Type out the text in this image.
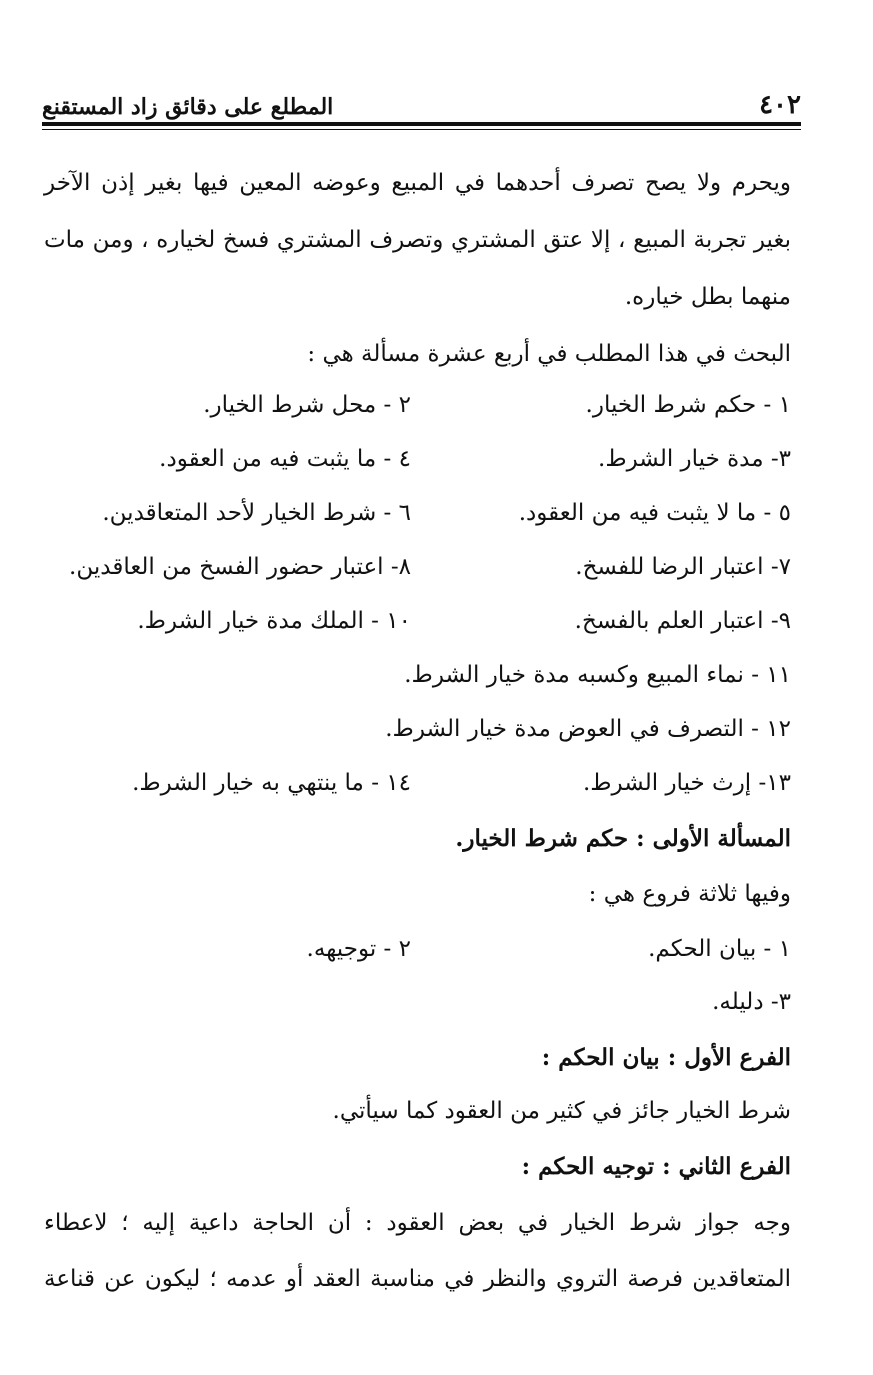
٤٠٢
المطلع على دقائق زاد المستقنع
ويحرم ولا يصح تصرف أحدهما في المبيع وعوضه المعين فيها بغير إذن الآخر
بغير تجربة المبيع ، إلا عتق المشتري وتصرف المشتري فسخ لخياره ، ومن مات
منهما بطل خياره.
البحث في هذا المطلب في أربع عشرة مسألة هي :
١ - حكم شرط الخيار.
٢ - محل شرط الخيار.
٣- مدة خيار الشرط.
٤ - ما يثبت فيه من العقود.
٥ - ما لا يثبت فيه من العقود.
٦ - شرط الخيار لأحد المتعاقدين.
٧- اعتبار الرضا للفسخ.
٨- اعتبار حضور الفسخ من العاقدين.
٩- اعتبار العلم بالفسخ.
١٠ - الملك مدة خيار الشرط.
١١ - نماء المبيع وكسبه مدة خيار الشرط.
١٢ - التصرف في العوض مدة خيار الشرط.
١٣- إرث خيار الشرط.
١٤ - ما ينتهي به خيار الشرط.
المسألة الأولى : حكم شرط الخيار.
وفيها ثلاثة فروع هي :
١ - بيان الحكم.
٢ - توجيهه.
٣- دليله.
الفرع الأول : بيان الحكم :
شرط الخيار جائز في كثير من العقود كما سيأتي.
الفرع الثاني : توجيه الحكم :
وجه جواز شرط الخيار في بعض العقود : أن الحاجة داعية إليه ؛ لاعطاء
المتعاقدين فرصة التروي والنظر في مناسبة العقد أو عدمه ؛ ليكون عن قناعة
